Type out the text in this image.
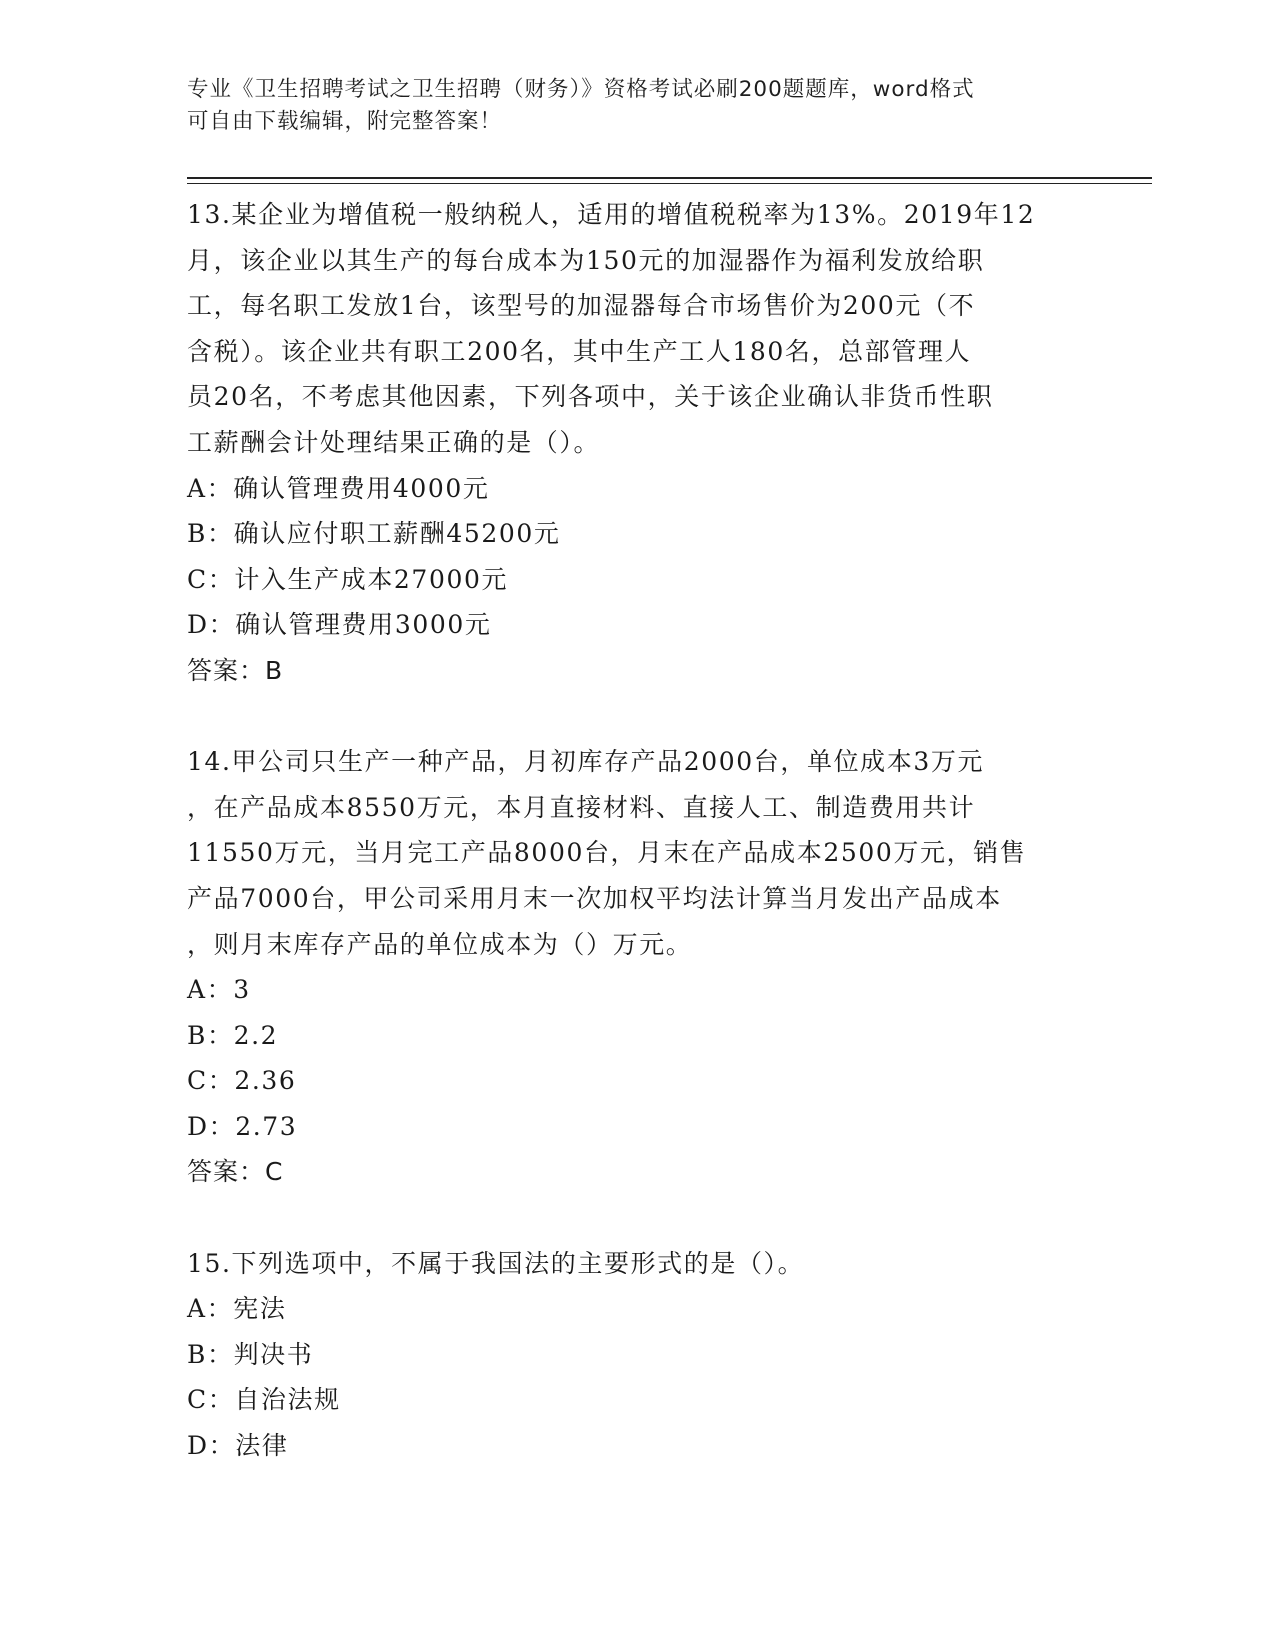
专业《卫生招聘考试之卫生招聘（财务）》资格考试必刷200题题库，word格式
可自由下载编辑，附完整答案！
13.某企业为增值税一般纳税人，适用的增值税税率为13%。2019年12
月，该企业以其生产的每台成本为150元的加湿器作为福利发放给职
工，每名职工发放1台，该型号的加湿器每合市场售价为200元（不
含税）。该企业共有职工200名，其中生产工人180名，总部管理人
员20名，不考虑其他因素，下列各项中，关于该企业确认非货币性职
工薪酬会计处理结果正确的是（）。
A：确认管理费用4000元
B：确认应付职工薪酬45200元
C：计入生产成本27000元
D：确认管理费用3000元
答案：B
14.甲公司只生产一种产品，月初库存产品2000台，单位成本3万元
，在产品成本8550万元，本月直接材料、直接人工、制造费用共计
11550万元，当月完工产品8000台，月末在产品成本2500万元，销售
产品7000台，甲公司采用月末一次加权平均法计算当月发出产品成本
，则月末库存产品的单位成本为（）万元。
A：3
B：2.2
C：2.36
D：2.73
答案：C
15.下列选项中，不属于我国法的主要形式的是（）。
A：宪法
B：判决书
C：自治法规
D：法律
